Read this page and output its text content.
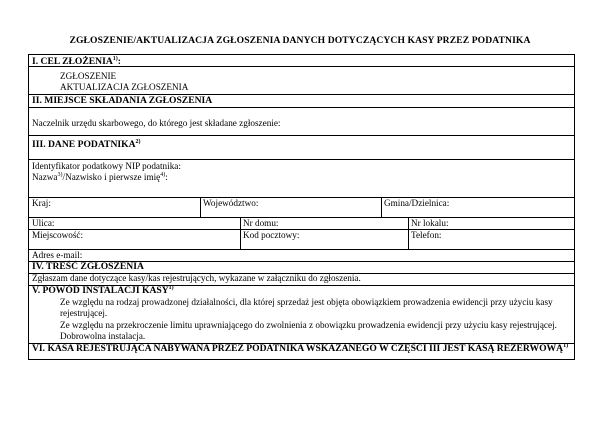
ZGŁOSZENIE/AKTUALIZACJA ZGŁOSZENIA DANYCH DOTYCZĄCYCH KASY PRZEZ PODATNIKA
I. CEL ZŁOŻENIA$^{1)}$:
ZGŁOSZENIE
AKTUALIZACJA ZGŁOSZENIA
II. MIEJSCE SKŁADANIA ZGŁOSZENIA
Naczelnik urzędu skarbowego, do którego jest składane zgłoszenie:
III. DANE PODATNIKA$^{2)}$
Identyfikator podatkowy NIP podatnika:
Nazwa$^{3)}$/Nazwisko i pierwsze imię$^{4)}$:
Kraj:	Województwo:	Gmina/Dzielnica:
Ulica:	Nr domu:	Nr lokalu:
Miejscowość:	Kod pocztowy:	Telefon:
Adres e-mail:
IV. TREŚĆ ZGŁOSZENIA
Zgłaszam dane dotyczące kasy/kas rejestrujących, wykazane w załączniku do zgłoszenia.
V. POWÓD INSTALACJI KASY$^{1)}$
Ze względu na rodzaj prowadzonej działalności, dla której sprzedaż jest objęta obowiązkiem prowadzenia ewidencji przy użyciu kasy rejestrującej.
Ze względu na przekroczenie limitu uprawniającego do zwolnienia z obowiązku prowadzenia ewidencji przy użyciu kasy rejestrującej.
Dobrowolna instalacja.
VI. KASA REJESTRUJĄCA NABYWANA PRZEZ PODATNIKA WSKAZANEGO W CZĘŚCI III JEST KASĄ REZERWOWĄ$^{1)}$
